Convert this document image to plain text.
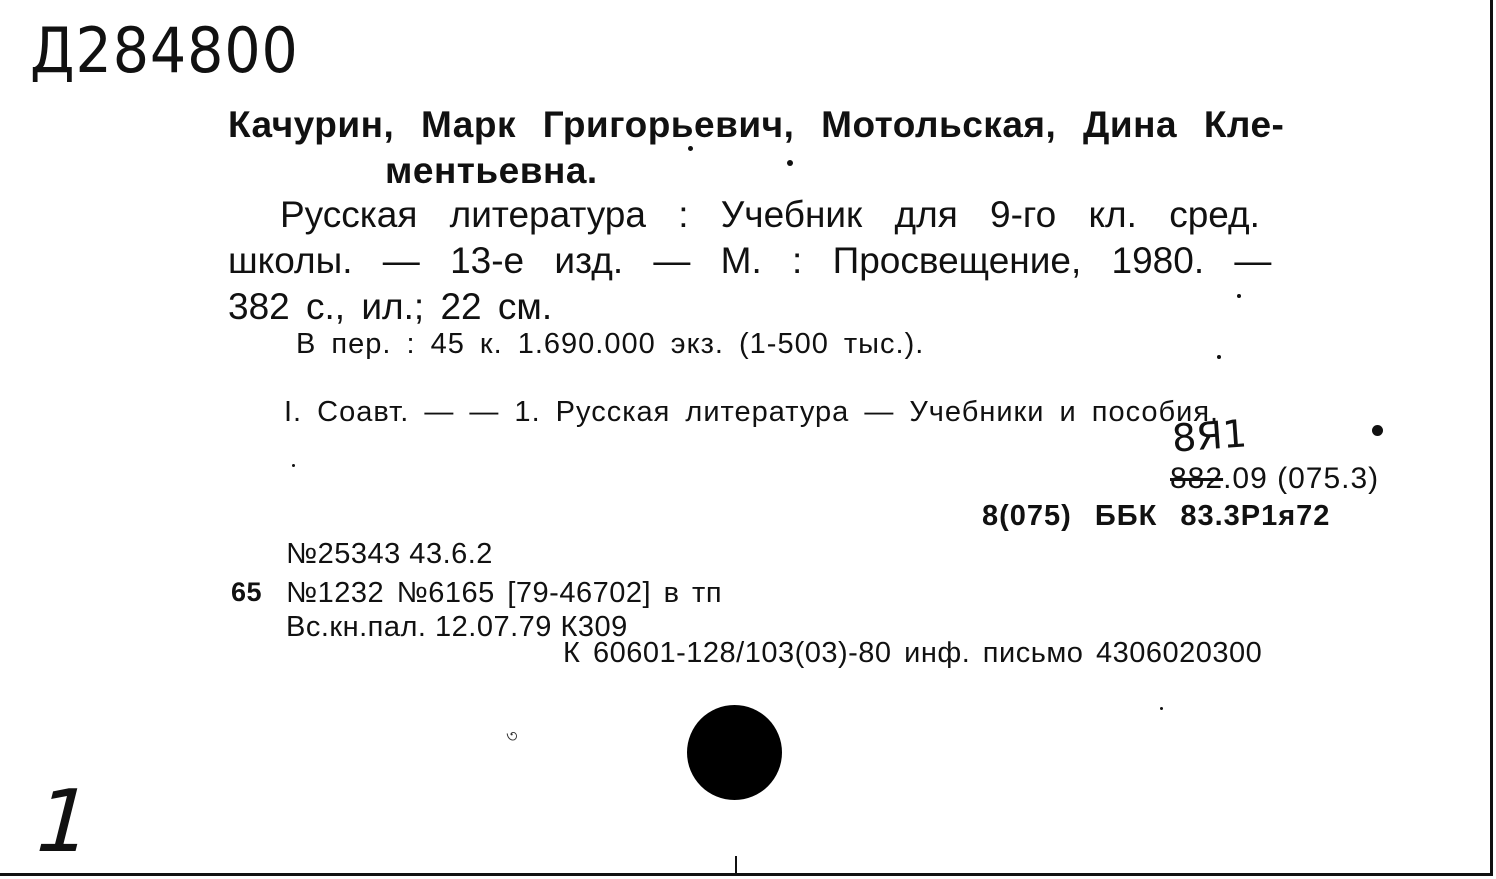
Д284800
Качурин, Марк Григорьевич, Мотольская, Дина Кле-
ментьевна.
Русская литература : Учебник для 9-го кл. сред.
школы. — 13-е изд. — М. : Просвещение, 1980. —
382 с., ил.; 22 см.
В пер. : 45 к. 1.690.000 экз. (1-500 тыс.).
I. Соавт. — — 1. Русская литература — Учебники и пособия.
8Я1
882.09 (075.3)
8(075) ББК 83.3Р1я72
№25343 43.6.2
65 №1232 №6165 [79-46702] в тп
Вс.кн.пал. 12.07.79 К309
К 60601-128/103(03)-80 инф. письмо 4306020300
1
৩
